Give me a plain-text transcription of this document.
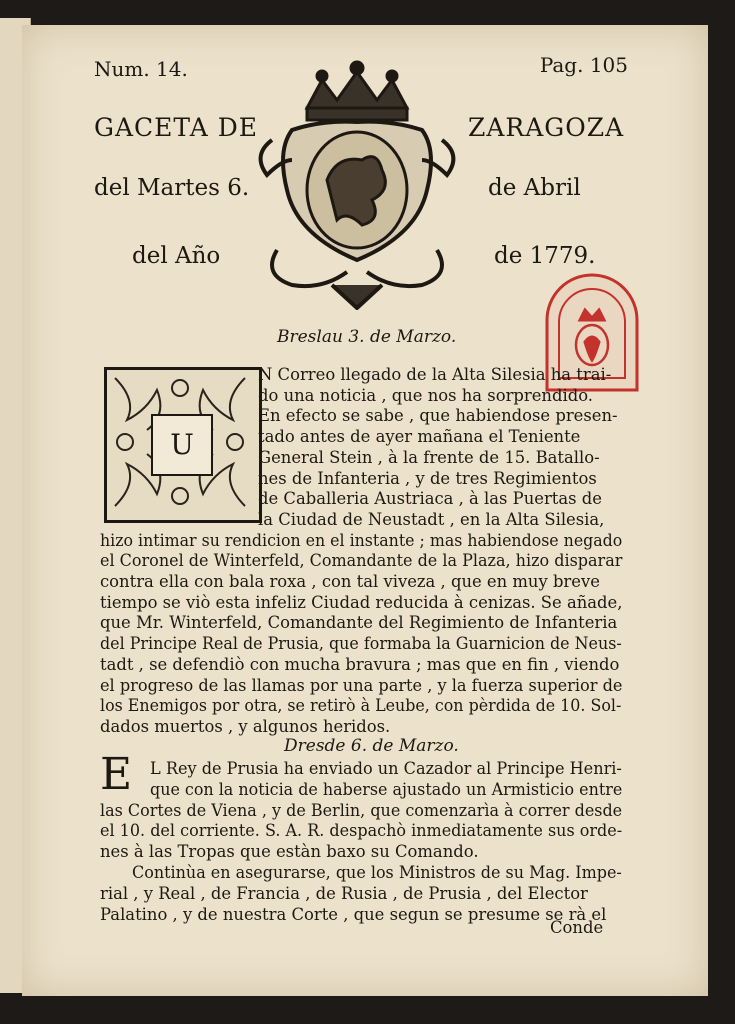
Num. 14.	Pag. 105
GACETA DE	ZARAGOZA
del Martes 6.	de Abril
del Año	de 1779.
Breslau 3. de Marzo.
U
N Correo llegado de la Alta Silesia ha trai-
do una noticia , que nos ha sorprendido.
En efecto se sabe , que habiendose presen-
tado antes de ayer mañana el Teniente
General Stein , à la frente de 15. Batallo-
nes de Infanteria , y de tres Regimientos
de Caballeria Austriaca , à las Puertas de
la Ciudad de Neustadt , en la Alta Silesia,
hizo intimar su rendicion en el instante ; mas habiendose negado
el Coronel de Winterfeld, Comandante de la Plaza, hizo disparar
contra ella con bala roxa , con tal viveza , que en muy breve
tiempo se viò esta infeliz Ciudad reducida à cenizas. Se añade,
que Mr. Winterfeld, Comandante del Regimiento de Infanteria
del Principe Real de Prusia, que formaba la Guarnicion de Neus-
tadt , se defendiò con mucha bravura ; mas que en fin , viendo
el progreso de las llamas por una parte , y la fuerza superior de
los Enemigos por otra, se retirò à Leube, con pèrdida de 10. Sol-
dados muertos , y algunos heridos.
Dresde 6. de Marzo.
E L Rey de Prusia ha enviado un Cazador al Principe Henri-
que con la noticia de haberse ajustado un Armisticio entre
las Cortes de Viena , y de Berlin, que comenzarìa à correr desde
el 10. del corriente. S. A. R. despachò inmediatamente sus orde-
nes à las Tropas que estàn baxo su Comando.
Continùa en asegurarse, que los Ministros de su Mag. Impe-
rial , y Real , de Francia , de Rusia , de Prusia , del Elector
Palatino , y de nuestra Corte , que segun se presume se rà el
Conde
